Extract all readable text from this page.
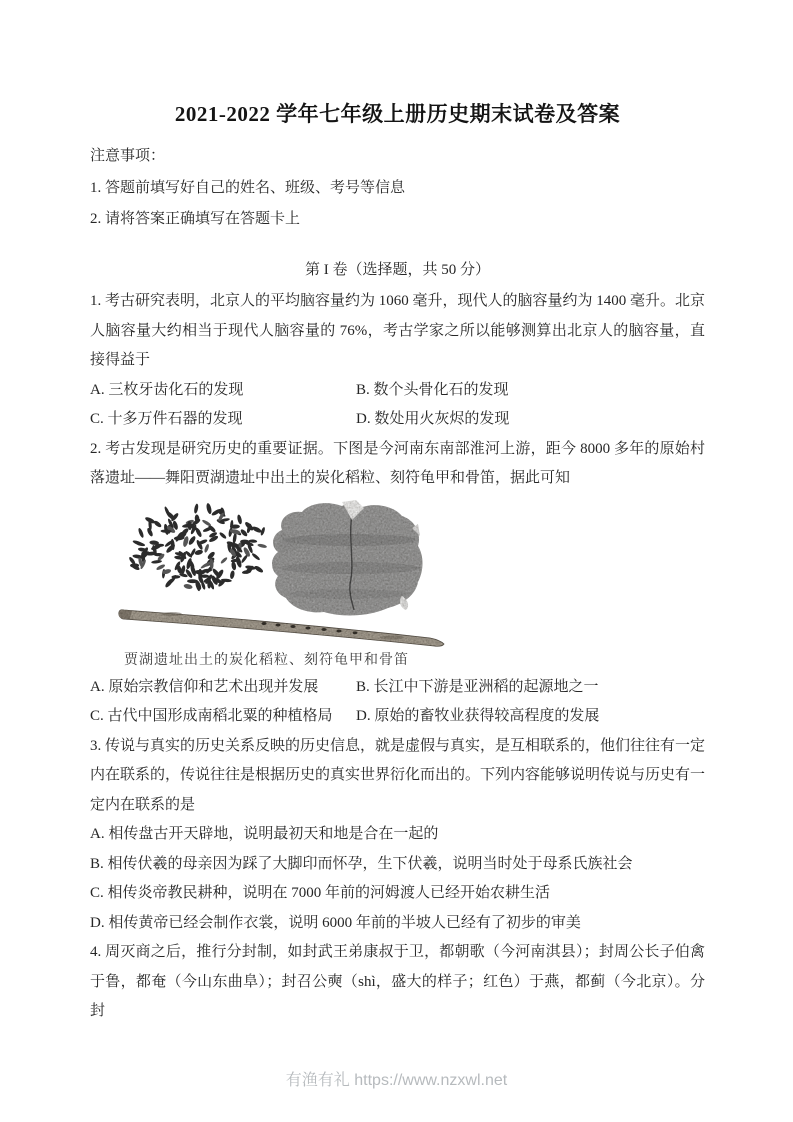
2021-2022 学年七年级上册历史期末试卷及答案

注意事项：

1. 答题前填写好自己的姓名、班级、考号等信息

2. 请将答案正确填写在答题卡上

第 I 卷（选择题，共 50 分）

1. 考古研究表明，北京人的平均脑容量约为 1060 毫升，现代人的脑容量约为 1400 毫升。北京人脑容量大约相当于现代人脑容量的 76%，考古学家之所以能够测算出北京人的脑容量，直接得益于

A. 三枚牙齿化石的发现	B. 数个头骨化石的发现
C. 十多万件石器的发现	D. 数处用火灰烬的发现

2. 考古发现是研究历史的重要证据。下图是今河南东南部淮河上游，距今 8000 多年的原始村落遗址——舞阳贾湖遗址中出土的炭化稻粒、刻符龟甲和骨笛，据此可知

贾湖遗址出土的炭化稻粒、刻符龟甲和骨笛
A. 原始宗教信仰和艺术出现并发展	B. 长江中下游是亚洲稻的起源地之一
C. 古代中国形成南稻北粟的种植格局	D. 原始的畜牧业获得较高程度的发展

3. 传说与真实的历史关系反映的历史信息，就是虚假与真实，是互相联系的，他们往往有一定内在联系的，传说往往是根据历史的真实世界衍化而出的。下列内容能够说明传说与历史有一定内在联系的是

A. 相传盘古开天辟地，说明最初天和地是合在一起的
B. 相传伏羲的母亲因为踩了大脚印而怀孕，生下伏羲，说明当时处于母系氏族社会
C. 相传炎帝教民耕种，说明在 7000 年前的河姆渡人已经开始农耕生活
D. 相传黄帝已经会制作衣裳，说明 6000 年前的半坡人已经有了初步的审美

4. 周灭商之后，推行分封制，如封武王弟康叔于卫，都朝歌（今河南淇县）；封周公长子伯禽于鲁，都奄（今山东曲阜）；封召公奭（shì，盛大的样子；红色）于燕，都蓟（今北京）。分封

有渔有礼 https://www.nzxwl.net
